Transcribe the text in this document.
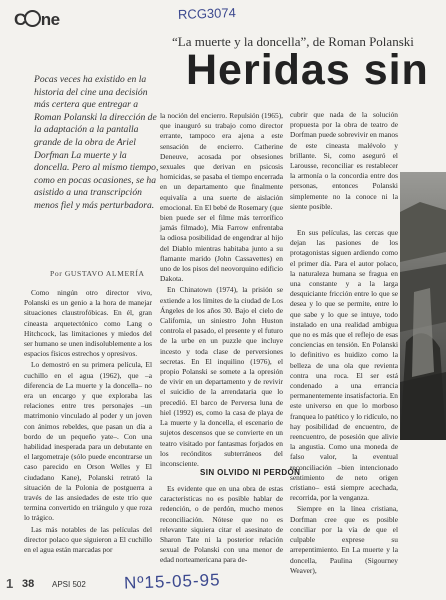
C ne	RCG3074
“La muerte y la doncella”, de Roman Polanski
Heridas sin

Pocas veces ha existido en la historia del cine una decisión más certera que entregar a Roman Polanski la dirección de la adaptación a la pantalla grande de la obra de Ariel Dorfman La muerte y la doncella. Pero al mismo tiempo, como en pocas ocasiones, se ha asistido a una transcripción menos fiel y más perturbadora.

Por GUSTAVO ALMERÍA

Como ningún otro director vivo, Polanski es un genio a la hora de manejar situaciones claustrofóbicas. En él, gran cineasta arquetectónico como Lang o Hitchcock, las limitaciones y miedos del ser humano se unen indisolublemente a los espacios físicos estrechos y opresivos.

Lo demostró en su primera película, El cuchillo en el agua (1962), que –a diferencia de La muerte y la doncella– no era un encargo y que exploraba las relaciones entre tres personajes –un matrimonio vinculado al poder y un joven con ánimos rebeldes, que pasan un día a bordo de un pequeño yate–. Con una habilidad inesperada para un debutante en el largometraje (sólo puede encontrarse un caso parecido en Orson Welles y El ciudadano Kane), Polanski retrató la situación de la Polonia de postguerra a través de las ansiedades de este trío que termina convertido en triángulo y que roza lo trágico.

Las más notables de las películas del director polaco que siguieron a El cuchillo en el agua están marcadas por

la noción del encierro. Repulsión (1965), que inauguró su trabajo como director errante, tampoco era ajena a este sensación de encierro. Catherine Deneuve, acosada por obsesiones sexuales que derivan en psicosis homicidas, se pasaba el tiempo encerrada en un departamento que finalmente equivalía a una suerte de aislación emocional. En El bebé de Rosemary (que bien puede ser el filme más terrorífico jamás filmado), Mia Farrow enfrentaba la odiosa posibilidad de engendrar al hijo del Diablo mientras habitaba junto a su flamante marido (John Cassavettes) en uno de los pisos del neovorquino edificio Dakota.

En Chinatown (1974), la prisión se extiende a los límites de la ciudad de Los Ángeles de los años 30. Bajo el cielo de California, un siniestro John Huston controla el pasado, el presente y el futuro de la urbe en un puzzle que incluye incesto y toda clase de perversiones secretas. En El inquilino (1976), el propio Polanski se somete a la opresión de vivir en un departamento y de revivir el suicidio de la arrendataria que lo precedió. El barco de Perversa luna de hiel (1992) es, como la casa de playa de La muerte y la doncella, el escenario de sujetos descensos que se convierte en un teatro visitado por fantasmas forjados en los recónditos subterráneos del inconsciente.

SIN OLVIDO NI PERDÓN

Es evidente que en una obra de estas características no es posible hablar de redención, o de perdón, mucho menos reconciliación. Nótese que no es relevante siquiera citar el asesinato de Sharon Tate ni la posterior relación sexual de Polanski con una menor de edad norteamericana para de-

cubrir que nada de la solución propuesta por la obra de teatro de Dorfman puede sobrevivir en manos de este cineasta malévolo y brillante. Si, como aseguró el Larousse, reconciliar es restablecer la armonía o la concordia entre dos personas, entonces Polanski simplemente no la conoce ni la siente posible.

En sus películas, las cercas que dejan las pasiones de los protagonistas siguen ardiendo como el primer día. Para el autor polaco, la naturaleza humana se fragua en una constante y a la larga desquiciante fricción entre lo que se desea y lo que se permite, entre lo que sabe y lo que se intuye, todo instalado en una realidad ambigua que no es más que el reflejo de esas conciencias en tensión. En Polanski lo definitivo es huidizo como la belleza de una ola que revienta contra una roca. El ser está condenado a una errancia permanentemente insatisfactoria. En este universo en que lo morboso franquea lo patético y lo ridículo, no hay posibilidad de encuentro, de reencuentro, de posesión que alivie la angustia. Como una moneda de falso valor, la eventual reconciliación –bien intencionado sentimiento de neto origen cristiano– está siempre acechada, recorrida, por la venganza.

Siempre en la línea cristiana, Dorfman cree que es posible conciliar por la vía de que el culpable exprese su arrepentimiento. En La muerte y la doncella, Paulina (Sigourney Weaver),

1 38 APSI 502 Nº15-05-95
